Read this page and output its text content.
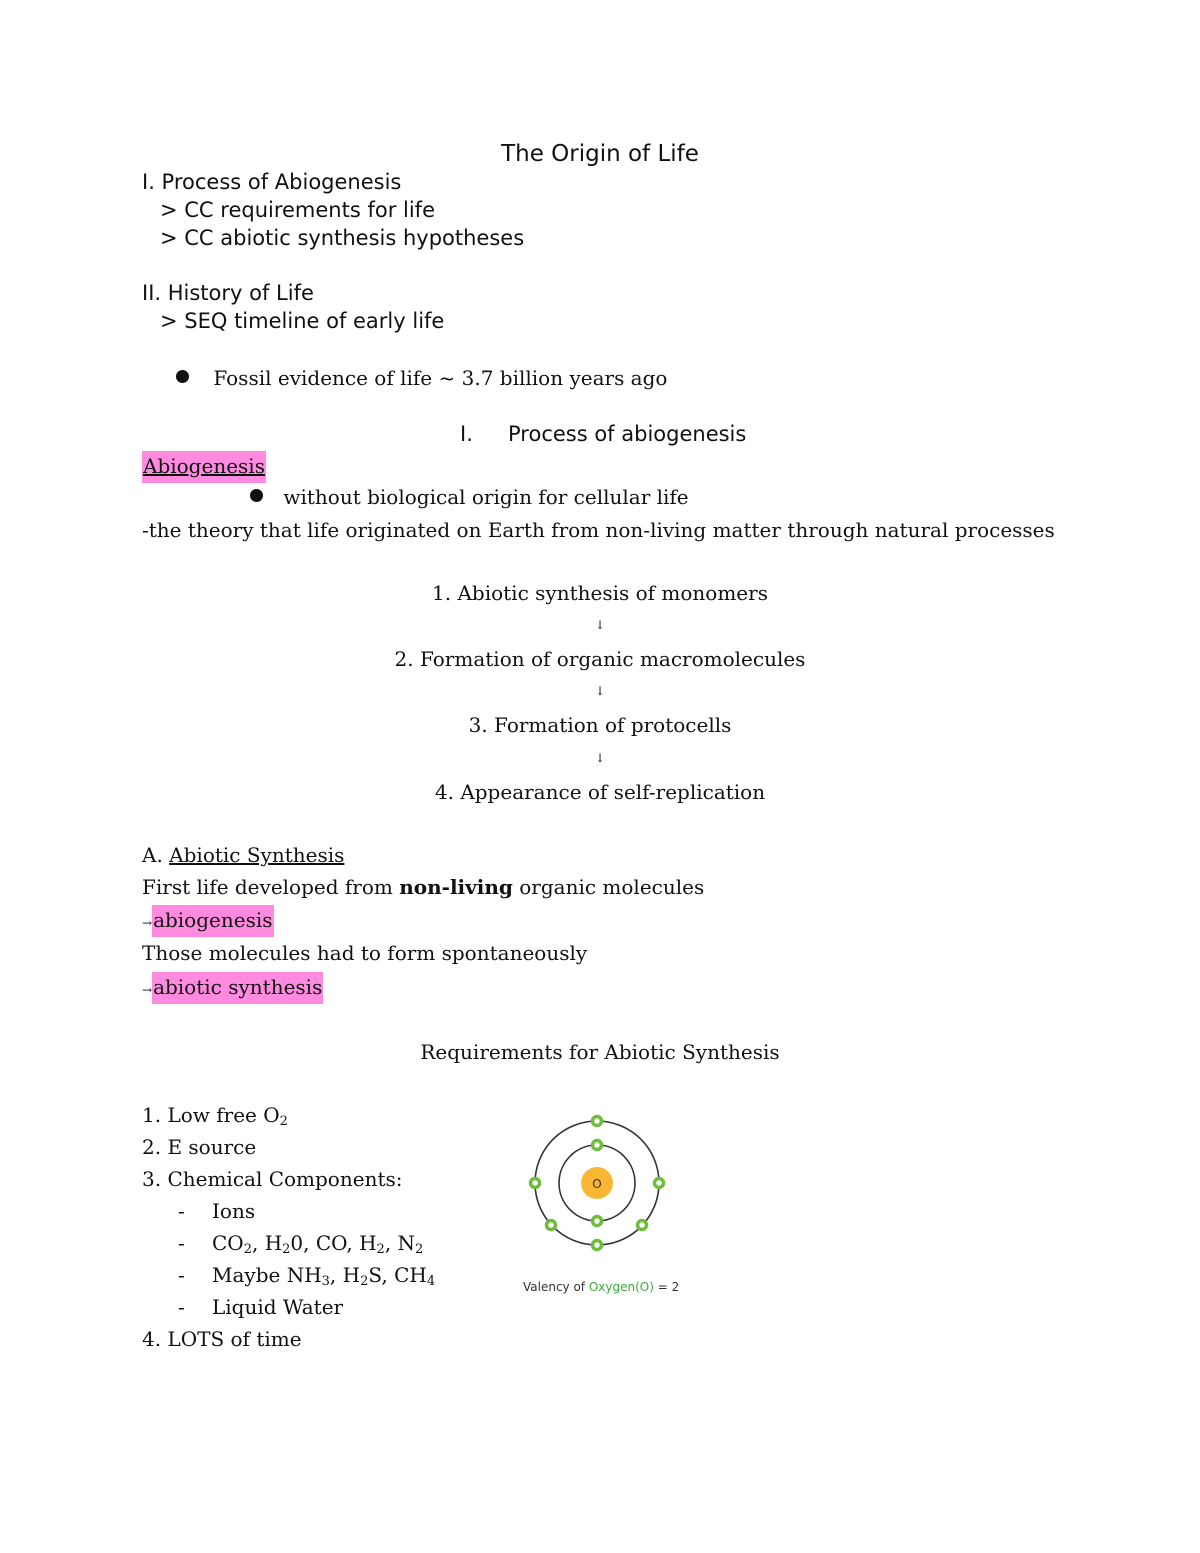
The Origin of Life
I. Process of Abiogenesis
> CC requirements for life
> CC abiotic synthesis hypotheses
II. History of Life
> SEQ timeline of early life
Fossil evidence of life ~ 3.7 billion years ago
I. Process of abiogenesis
Abiogenesis
without biological origin for cellular life
-the theory that life originated on Earth from non-living matter through natural processes
1. Abiotic synthesis of monomers
↓
2. Formation of organic macromolecules
↓
3. Formation of protocells
↓
4. Appearance of self-replication
A. Abiotic Synthesis
First life developed from non-living organic molecules
→abiogenesis
Those molecules had to form spontaneously
→abiotic synthesis
Requirements for Abiotic Synthesis
1. Low free $O_2$
2. E source
3. Chemical Components:
- Ions
- $CO_2$, $H_20$, CO, $H_2$, $N_2$
- Maybe $NH_3$, $H_2S$, $CH_4$
- Liquid Water
4. LOTS of time
O
Valency of Oxygen(O) = 2
